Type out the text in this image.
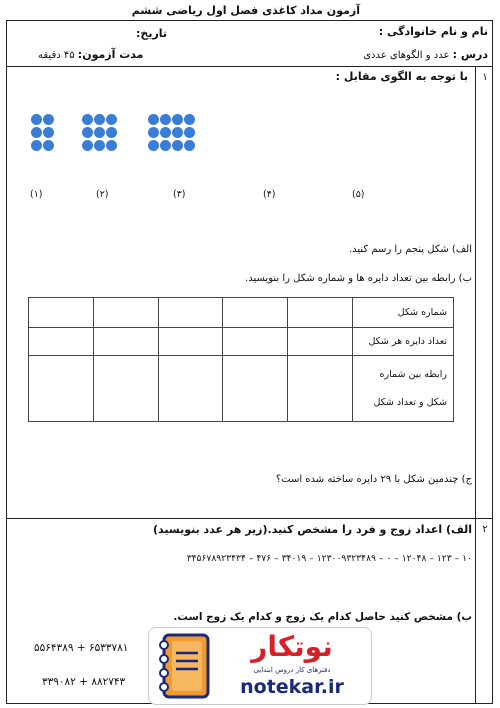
آزمون مداد کاغذی فصل اول ریاضی ششم
نام و نام خانوادگی :
تاریخ:
درس : عدد و الگوهای عددی
مدت آزمون: ۴۵ دقیقه
۱
با توجه به الگوی مقابل :
(۱)	(۲)	(۳)	(۴)	(۵)
الف) شکل پنجم را رسم کنید.
ب) رابطه بین تعداد دایره ها و شماره شکل را بنویسید.
					شماره شکل
					تعداد دایره هر شکل

					رابطه بین شماره
شکل و تعداد شکل
ج) چندمین شکل با ۲۹ دایره ساخته شده است؟
۲
الف) اعداد زوج و فرد را مشخص کنید.(زیر هر عدد بنویسید)
۱۰ – ۱۲۳ – ۱۲۰۴۸ – ۰ – ۱۲۳۰۰۹۳۲۳۴۸۹ – ۳۴۰۱۹ – ۴۷۶ – ۳۴۵۶۷۸۹۲۳۴۳۴
ب) مشخص کنید حاصل کدام یک زوج و کدام یک زوج است.
۶۵۳۳۷۸۱ + ۵۵۶۴۳۸۹
۸۸۲۷۴۳ + ۳۳۹۰۸۲
نوتکار
دفترهای کار دروس ابتدایی
notekar.ir
